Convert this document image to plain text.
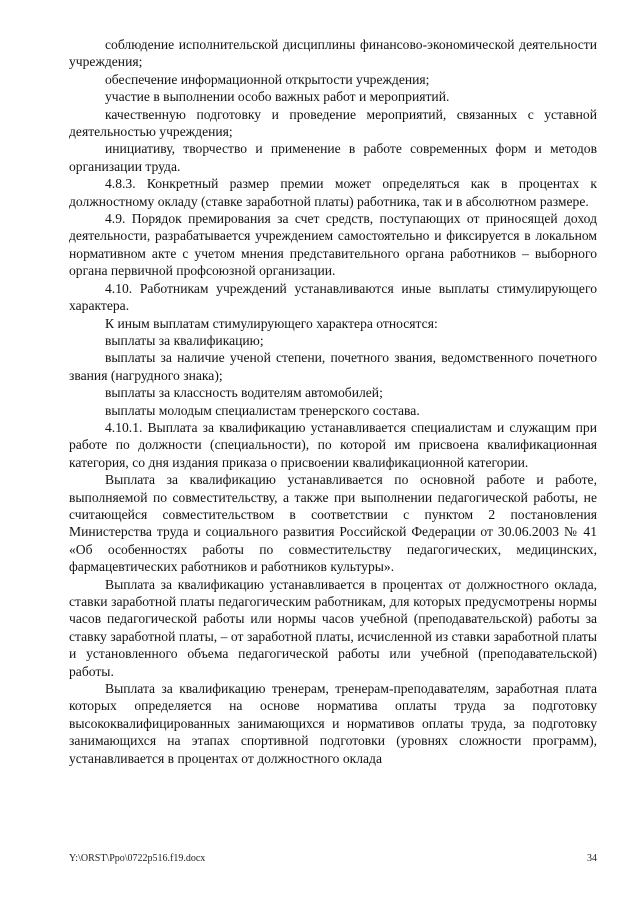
соблюдение исполнительской дисциплины финансово-экономической деятельности учреждения;

обеспечение информационной открытости учреждения;

участие в выполнении особо важных работ и мероприятий.

качественную подготовку и проведение мероприятий, связанных с уставной деятельностью учреждения;

инициативу, творчество и применение в работе современных форм и методов организации труда.

4.8.3. Конкретный размер премии может определяться как в процентах к должностному окладу (ставке заработной платы) работника, так и в абсолютном размере.

4.9. Порядок премирования за счет средств, поступающих от приносящей доход деятельности, разрабатывается учреждением самостоятельно и фиксируется в локальном нормативном акте с учетом мнения представительного органа работников – выборного органа первичной профсоюзной организации.

4.10. Работникам учреждений устанавливаются иные выплаты стимулирующего характера.

К иным выплатам стимулирующего характера относятся:

выплаты за квалификацию;

выплаты за наличие ученой степени, почетного звания, ведомственного почетного звания (нагрудного знака);

выплаты за классность водителям автомобилей;

выплаты молодым специалистам тренерского состава.

4.10.1. Выплата за квалификацию устанавливается специалистам и служащим при работе по должности (специальности), по которой им присвоена квалификационная категория, со дня издания приказа о присвоении квалификационной категории.

Выплата за квалификацию устанавливается по основной работе и работе, выполняемой по совместительству, а также при выполнении педагогической работы, не считающейся совместительством в соответствии с пунктом 2 постановления Министерства труда и социального развития Российской Федерации от 30.06.2003 № 41 «Об особенностях работы по совместительству педагогических, медицинских, фармацевтических работников и работников культуры».

Выплата за квалификацию устанавливается в процентах от должностного оклада, ставки заработной платы педагогическим работникам, для которых предусмотрены нормы часов педагогической работы или нормы часов учебной (преподавательской) работы за ставку заработной платы, – от заработной платы, исчисленной из ставки заработной платы и установленного объема педагогической работы или учебной (преподавательской) работы.

Выплата за квалификацию тренерам, тренерам-преподавателям, заработная плата которых определяется на основе норматива оплаты труда за подготовку высококвалифицированных занимающихся и нормативов оплаты труда, за подготовку занимающихся на этапах спортивной подготовки (уровнях сложности программ), устанавливается в процентах от должностного оклада

Y:\ORST\Ppo\0722p516.f19.docx	34
